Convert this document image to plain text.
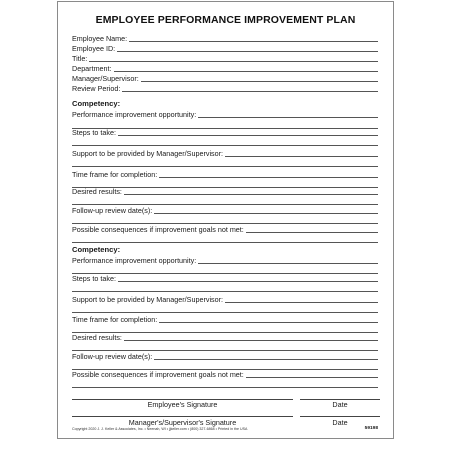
EMPLOYEE PERFORMANCE IMPROVEMENT PLAN
Employee Name:
Employee ID:
Title:
Department:
Manager/Supervisor:
Review Period:
Competency:
Performance improvement opportunity:
Steps to take:
Support to be provided by Manager/Supervisor:
Time frame for completion:
Desired results:
Follow-up review date(s):
Possible consequences if improvement goals not met:
Competency:
Performance improvement opportunity:
Steps to take:
Support to be provided by Manager/Supervisor:
Time frame for completion:
Desired results:
Follow-up review date(s):
Possible consequences if improvement goals not met:
Employee's Signature	Date
Manager's/Supervisor's Signature	Date
Copyright 2020 J. J. Keller & Associates, Inc. • Neenah, WI • jjkeller.com • (800) 327-6868 • Printed in the USA	59198
